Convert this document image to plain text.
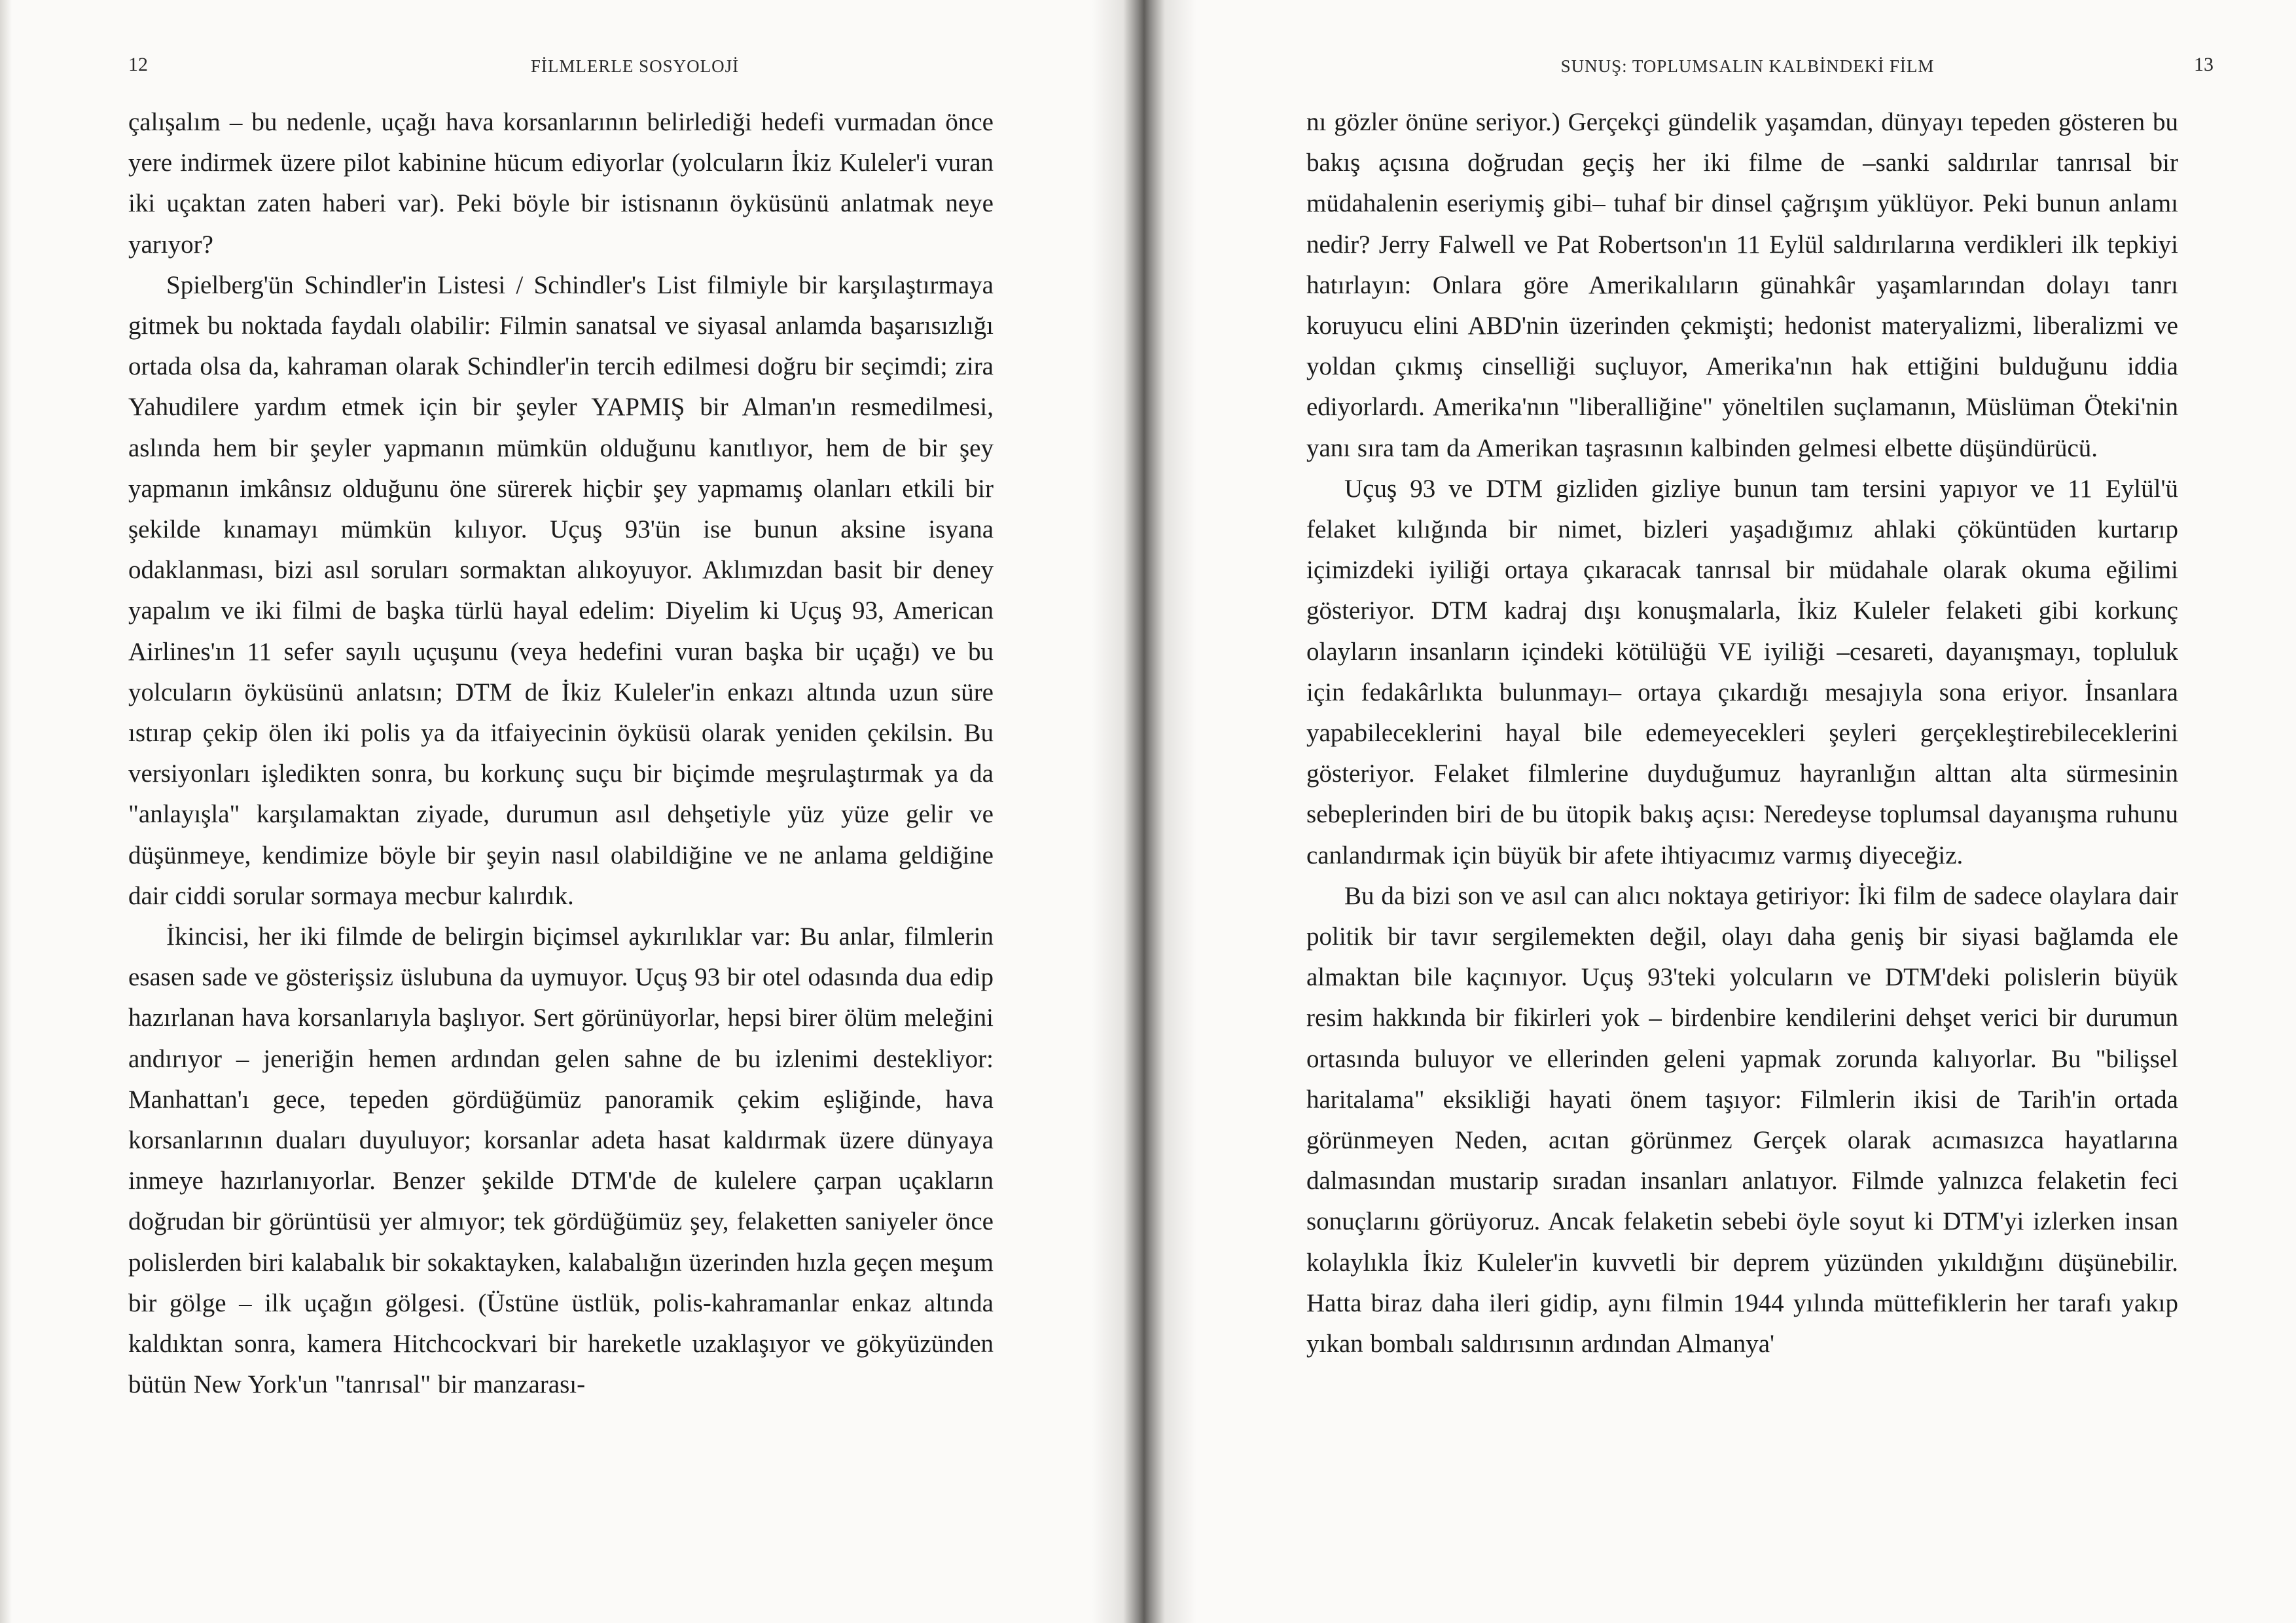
12	FİLMLERLE SOSYOLOJİ

çalışalım – bu nedenle, uçağı hava korsanlarının belirlediği hedefi vurmadan önce yere indirmek üzere pilot kabinine hücum ediyorlar (yolcuların İkiz Kuleler'i vuran iki uçaktan zaten haberi var). Peki böyle bir istisnanın öyküsünü anlatmak neye yarıyor?

Spielberg'ün Schindler'in Listesi / Schindler's List filmiyle bir karşılaştırmaya gitmek bu noktada faydalı olabilir: Filmin sanatsal ve siyasal anlamda başarısızlığı ortada olsa da, kahraman olarak Schindler'in tercih edilmesi doğru bir seçimdi; zira Yahudilere yardım etmek için bir şeyler YAPMIŞ bir Alman'ın resmedilmesi, aslında hem bir şeyler yapmanın mümkün olduğunu kanıtlıyor, hem de bir şey yapmanın imkânsız olduğunu öne sürerek hiçbir şey yapmamış olanları etkili bir şekilde kınamayı mümkün kılıyor. Uçuş 93'ün ise bunun aksine isyana odaklanması, bizi asıl soruları sormaktan alıkoyuyor. Aklımızdan basit bir deney yapalım ve iki filmi de başka türlü hayal edelim: Diyelim ki Uçuş 93, American Airlines'ın 11 sefer sayılı uçuşunu (veya hedefini vuran başka bir uçağı) ve bu yolcuların öyküsünü anlatsın; DTM de İkiz Kuleler'in enkazı altında uzun süre ıstırap çekip ölen iki polis ya da itfaiyecinin öyküsü olarak yeniden çekilsin. Bu versiyonları işledikten sonra, bu korkunç suçu bir biçimde meşrulaştırmak ya da "anlayışla" karşılamaktan ziyade, durumun asıl dehşetiyle yüz yüze gelir ve düşünmeye, kendimize böyle bir şeyin nasıl olabildiğine ve ne anlama geldiğine dair ciddi sorular sormaya mecbur kalırdık.

İkincisi, her iki filmde de belirgin biçimsel aykırılıklar var: Bu anlar, filmlerin esasen sade ve gösterişsiz üslubuna da uymuyor. Uçuş 93 bir otel odasında dua edip hazırlanan hava korsanlarıyla başlıyor. Sert görünüyorlar, hepsi birer ölüm meleğini andırıyor – jeneriğin hemen ardından gelen sahne de bu izlenimi destekliyor: Manhattan'ı gece, tepeden gördüğümüz panoramik çekim eşliğinde, hava korsanlarının duaları duyuluyor; korsanlar adeta hasat kaldırmak üzere dünyaya inmeye hazırlanıyorlar. Benzer şekilde DTM'de de kulelere çarpan uçakların doğrudan bir görüntüsü yer almıyor; tek gördüğümüz şey, felaketten saniyeler önce polislerden biri kalabalık bir sokaktayken, kalabalığın üzerinden hızla geçen meşum bir gölge – ilk uçağın gölgesi. (Üstüne üstlük, polis-kahramanlar enkaz altında kaldıktan sonra, kamera Hitchcockvari bir hareketle uzaklaşıyor ve gökyüzünden bütün New York'un "tanrısal" bir manzarası-

SUNUŞ: TOPLUMSALIN KALBİNDEKİ FİLM	13

nı gözler önüne seriyor.) Gerçekçi gündelik yaşamdan, dünyayı tepeden gösteren bu bakış açısına doğrudan geçiş her iki filme de –sanki saldırılar tanrısal bir müdahalenin eseriymiş gibi– tuhaf bir dinsel çağrışım yüklüyor. Peki bunun anlamı nedir? Jerry Falwell ve Pat Robertson'ın 11 Eylül saldırılarına verdikleri ilk tepkiyi hatırlayın: Onlara göre Amerikalıların günahkâr yaşamlarından dolayı tanrı koruyucu elini ABD'nin üzerinden çekmişti; hedonist materyalizmi, liberalizmi ve yoldan çıkmış cinselliği suçluyor, Amerika'nın hak ettiğini bulduğunu iddia ediyorlardı. Amerika'nın "liberalliğine" yöneltilen suçlamanın, Müslüman Öteki'nin yanı sıra tam da Amerikan taşrasının kalbinden gelmesi elbette düşündürücü.

Uçuş 93 ve DTM gizliden gizliye bunun tam tersini yapıyor ve 11 Eylül'ü felaket kılığında bir nimet, bizleri yaşadığımız ahlaki çöküntüden kurtarıp içimizdeki iyiliği ortaya çıkaracak tanrısal bir müdahale olarak okuma eğilimi gösteriyor. DTM kadraj dışı konuşmalarla, İkiz Kuleler felaketi gibi korkunç olayların insanların içindeki kötülüğü VE iyiliği –cesareti, dayanışmayı, topluluk için fedakârlıkta bulunmayı– ortaya çıkardığı mesajıyla sona eriyor. İnsanlara yapabileceklerini hayal bile edemeyecekleri şeyleri gerçekleştirebileceklerini gösteriyor. Felaket filmlerine duyduğumuz hayranlığın alttan alta sürmesinin sebeplerinden biri de bu ütopik bakış açısı: Neredeyse toplumsal dayanışma ruhunu canlandırmak için büyük bir afete ihtiyacımız varmış diyeceğiz.

Bu da bizi son ve asıl can alıcı noktaya getiriyor: İki film de sadece olaylara dair politik bir tavır sergilemekten değil, olayı daha geniş bir siyasi bağlamda ele almaktan bile kaçınıyor. Uçuş 93'teki yolcuların ve DTM'deki polislerin büyük resim hakkında bir fikirleri yok – birdenbire kendilerini dehşet verici bir durumun ortasında buluyor ve ellerinden geleni yapmak zorunda kalıyorlar. Bu "bilişsel haritalama" eksikliği hayati önem taşıyor: Filmlerin ikisi de Tarih'in ortada görünmeyen Neden, acıtan görünmez Gerçek olarak acımasızca hayatlarına dalmasından mustarip sıradan insanları anlatıyor. Filmde yalnızca felaketin feci sonuçlarını görüyoruz. Ancak felaketin sebebi öyle soyut ki DTM'yi izlerken insan kolaylıkla İkiz Kuleler'in kuvvetli bir deprem yüzünden yıkıldığını düşünebilir. Hatta biraz daha ileri gidip, aynı filmin 1944 yılında müttefiklerin her tarafı yakıp yıkan bombalı saldırısının ardından Almanya'
